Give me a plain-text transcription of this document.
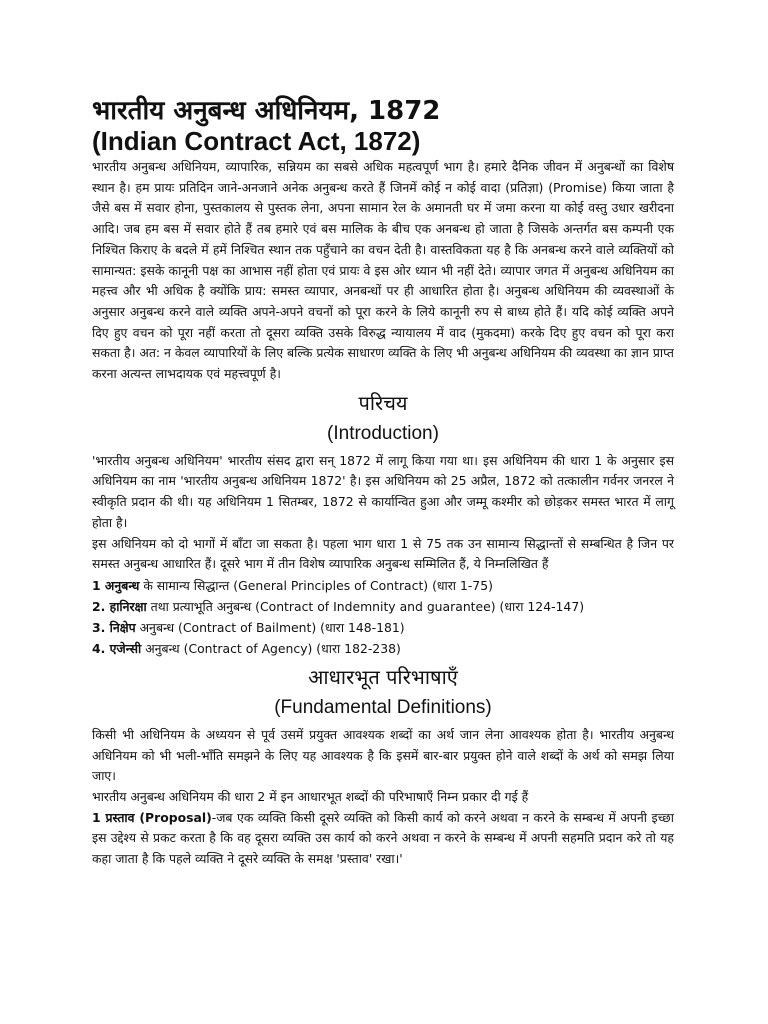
भारतीय अनुबन्ध अधिनियम, 1872
(Indian Contract Act, 1872)

भारतीय अनुबन्ध अधिनियम, व्यापारिक, सन्नियम का सबसे अधिक महत्वपूर्ण भाग है। हमारे दैनिक जीवन में अनुबन्धों का विशेष स्थान है। हम प्रायः प्रतिदिन जाने-अनजाने अनेक अनुबन्ध करते हैं जिनमें कोई न कोई वादा (प्रतिज्ञा) (Promise) किया जाता है जैसे बस में सवार होना, पुस्तकालय से पुस्तक लेना, अपना सामान रेल के अमानती घर में जमा करना या कोई वस्तु उधार खरीदना आदि। जब हम बस में सवार होते हैं तब हमारे एवं बस मालिक के बीच एक अनबन्ध हो जाता है जिसके अन्तर्गत बस कम्पनी एक निश्चित किराए के बदले में हमें निश्चित स्थान तक पहुँचाने का वचन देती है। वास्तविकता यह है कि अनबन्ध करने वाले व्यक्तियों को सामान्यत: इसके कानूनी पक्ष का आभास नहीं होता एवं प्रायः वे इस ओर ध्यान भी नहीं देते। व्यापार जगत में अनुबन्ध अधिनियम का महत्त्व और भी अधिक है क्योंकि प्राय: समस्त व्यापार, अनबन्धों पर ही आधारित होता है। अनुबन्ध अधिनियम की व्यवस्थाओं के अनुसार अनुबन्ध करने वाले व्यक्ति अपने-अपने वचनों को पूरा करने के लिये कानूनी रुप से बाध्य होते हैं। यदि कोई व्यक्ति अपने दिए हुए वचन को पूरा नहीं करता तो दूसरा व्यक्ति उसके विरुद्ध न्यायालय में वाद (मुकदमा) करके दिए हुए वचन को पूरा करा सकता है। अत: न केवल व्यापारियों के लिए बल्कि प्रत्येक साधारण व्यक्ति के लिए भी अनुबन्ध अधिनियम की व्यवस्था का ज्ञान प्राप्त करना अत्यन्त लाभदायक एवं महत्त्वपूर्ण है।

परिचय
(Introduction)

'भारतीय अनुबन्ध अधिनियम' भारतीय संसद द्वारा सन् 1872 में लागू किया गया था। इस अधिनियम की धारा 1 के अनुसार इस अधिनियम का नाम 'भारतीय अनुबन्ध अधिनियम 1872' है। इस अधिनियम को 25 अप्रैल, 1872 को तत्कालीन गर्वनर जनरल ने स्वीकृति प्रदान की थी। यह अधिनियम 1 सितम्बर, 1872 से कार्यान्वित हुआ और जम्मू कश्मीर को छोड़कर समस्त भारत में लागू होता है।

इस अधिनियम को दो भागों में बाँटा जा सकता है। पहला भाग धारा 1 से 75 तक उन सामान्य सिद्धान्तों से सम्बन्धित है जिन पर समस्त अनुबन्ध आधारित हैं। दूसरे भाग में तीन विशेष व्यापारिक अनुबन्ध सम्मिलित हैं, ये निम्नलिखित हैं

1 अनुबन्ध के सामान्य सिद्धान्त (General Principles of Contract) (धारा 1-75)

2. हानिरक्षा तथा प्रत्याभूति अनुबन्ध (Contract of Indemnity and guarantee) (धारा 124-147)

3. निक्षेप अनुबन्ध (Contract of Bailment) (धारा 148-181)

4. एजेन्सी अनुबन्ध (Contract of Agency) (धारा 182-238)

आधारभूत परिभाषाएँ
(Fundamental Definitions)

किसी भी अधिनियम के अध्ययन से पूर्व उसमें प्रयुक्त आवश्यक शब्दों का अर्थ जान लेना आवश्यक होता है। भारतीय अनुबन्ध अधिनियम को भी भली-भाँति समझने के लिए यह आवश्यक है कि इसमें बार-बार प्रयुक्त होने वाले शब्दों के अर्थ को समझ लिया जाए।

भारतीय अनुबन्ध अधिनियम की धारा 2 में इन आधारभूत शब्दों की परिभाषाएँ निम्न प्रकार दी गई हैं

1 प्रस्ताव (Proposal)-जब एक व्यक्ति किसी दूसरे व्यक्ति को किसी कार्य को करने अथवा न करने के सम्बन्ध में अपनी इच्छा इस उद्देश्य से प्रकट करता है कि वह दूसरा व्यक्ति उस कार्य को करने अथवा न करने के सम्बन्ध में अपनी सहमति प्रदान करे तो यह कहा जाता है कि पहले व्यक्ति ने दूसरे व्यक्ति के समक्ष 'प्रस्ताव' रखा।'
